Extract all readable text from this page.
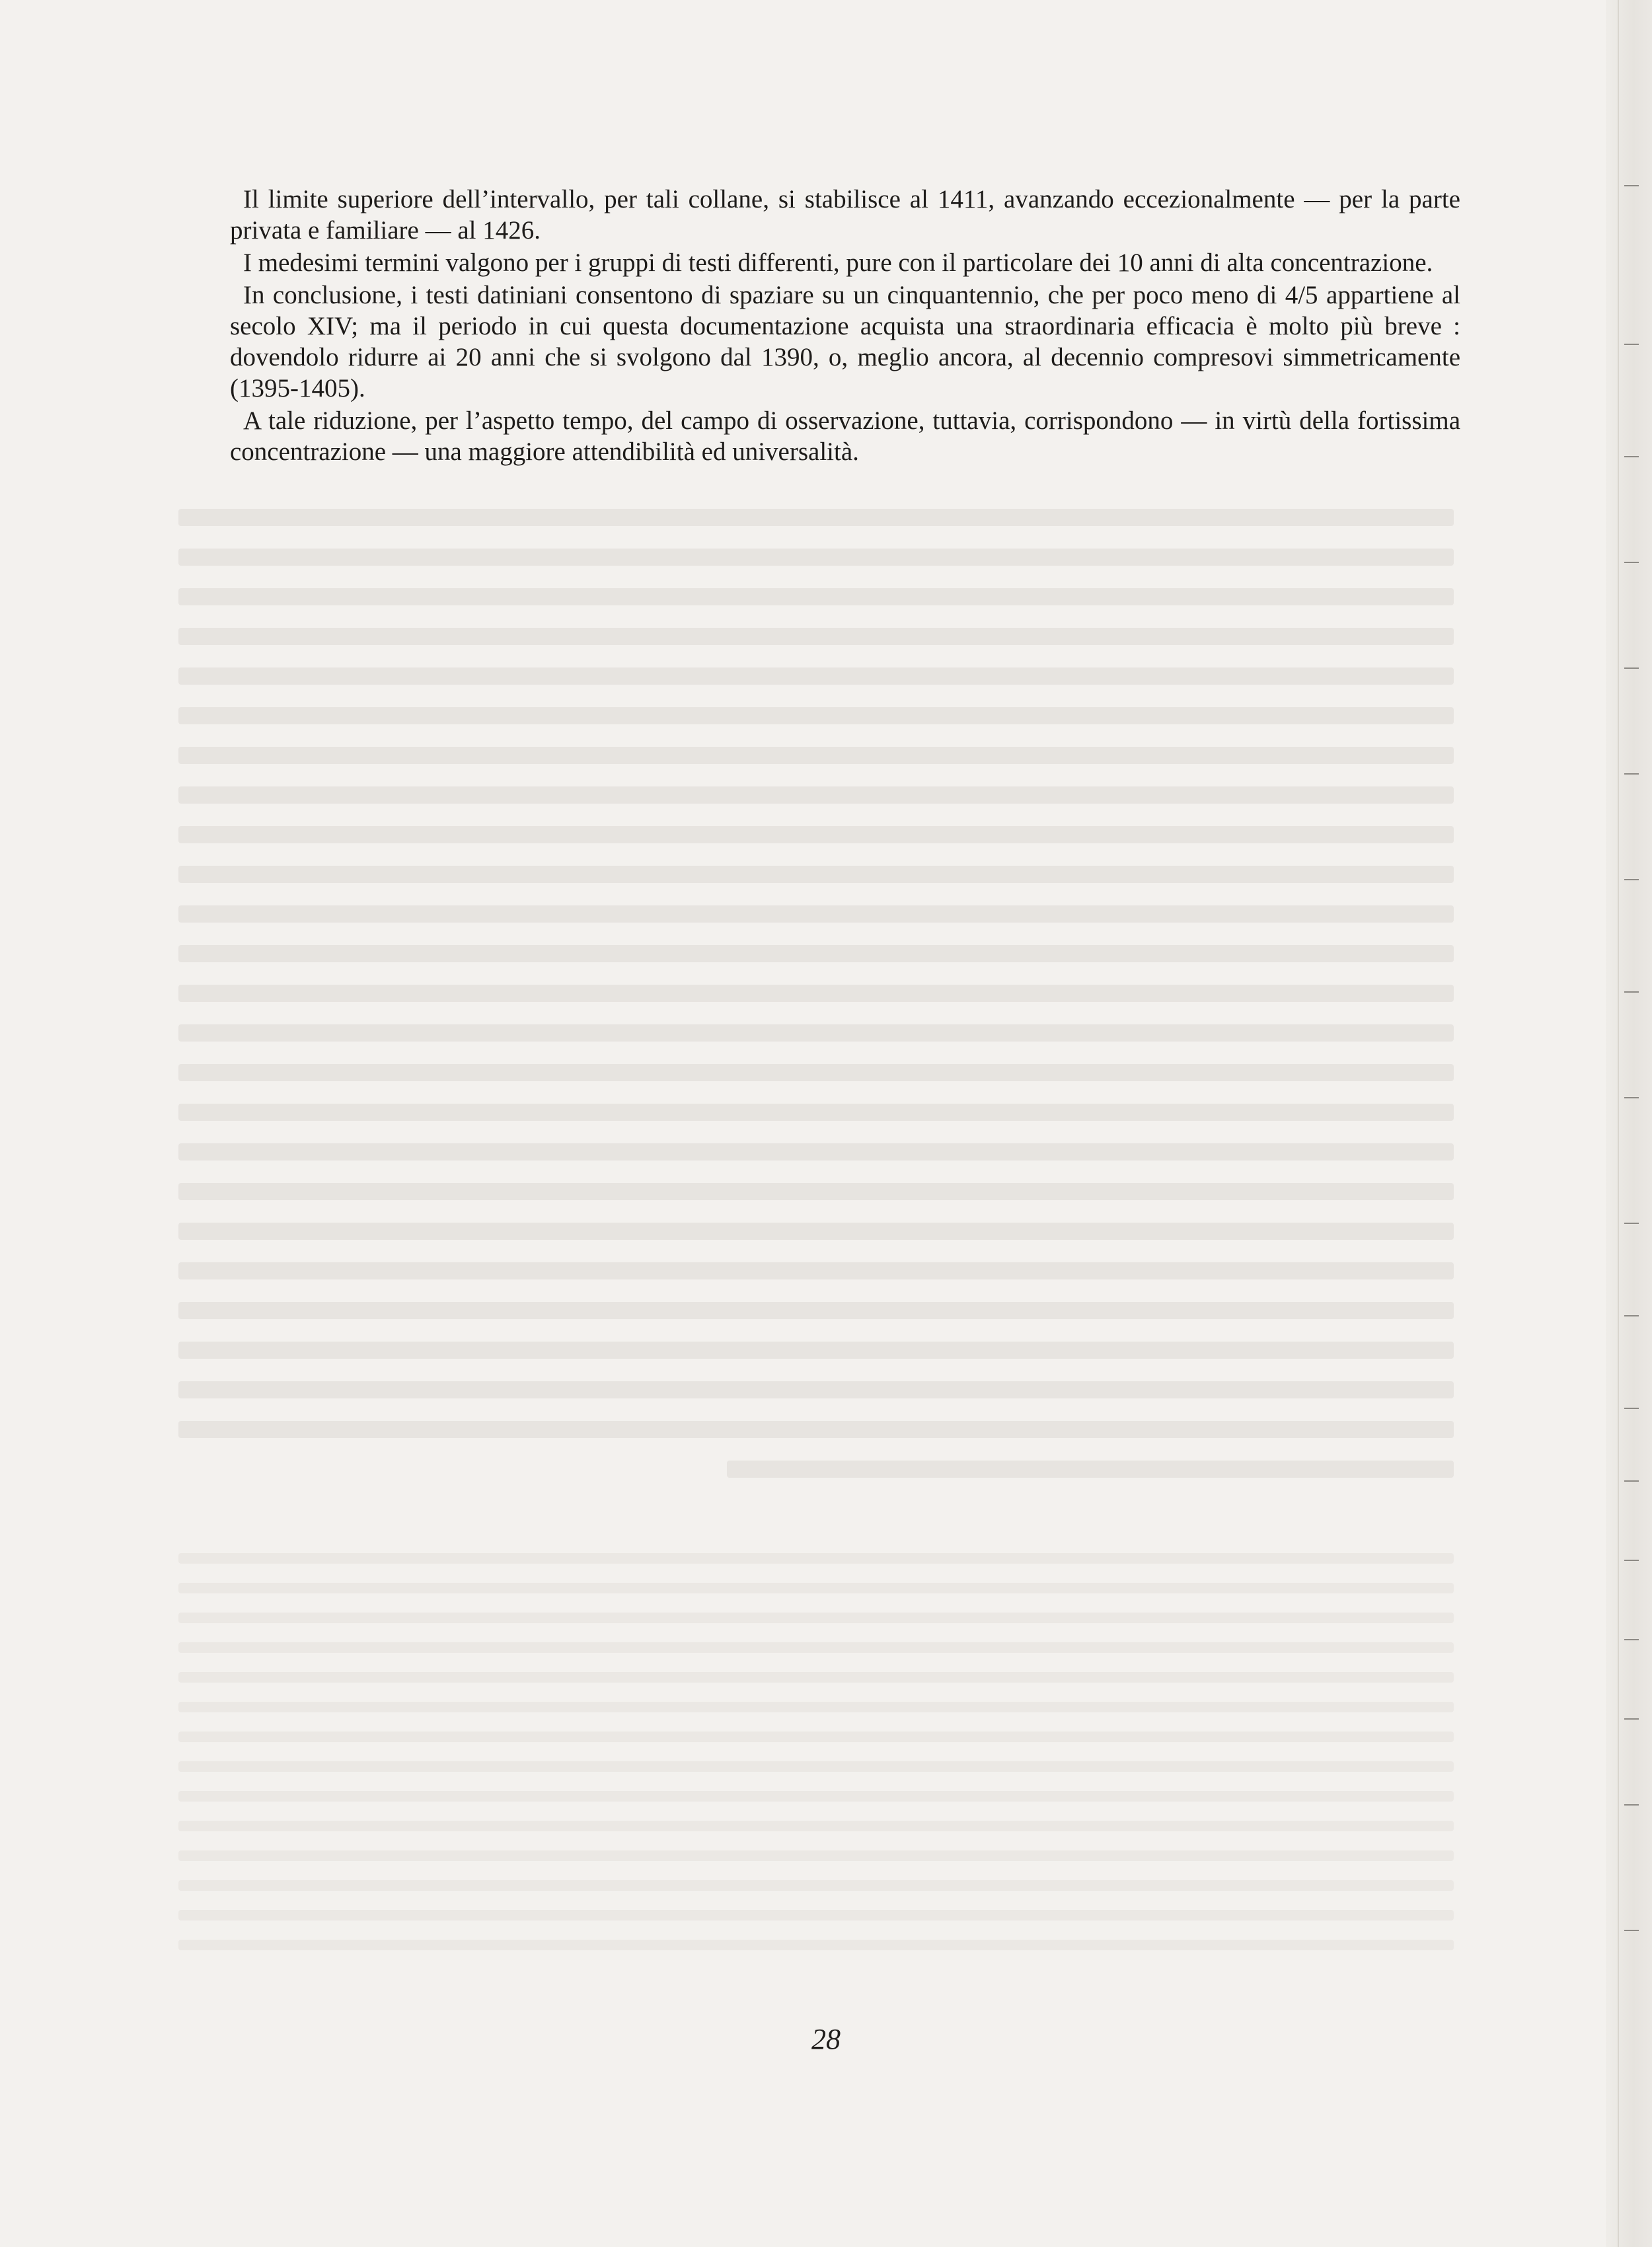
Il limite superiore dell’intervallo, per tali collane, si stabilisce al 1411, avanzando eccezionalmente — per la parte privata e familiare — al 1426.

I medesimi termini valgono per i gruppi di testi differenti, pure con il particolare dei 10 anni di alta concentrazione.

In conclusione, i testi datiniani consentono di spaziare su un cinquantennio, che per poco meno di 4/5 appartiene al secolo XIV; ma il periodo in cui questa documentazione acquista una straordinaria efficacia è molto più breve : dovendolo ridurre ai 20 anni che si svolgono dal 1390, o, meglio ancora, al decennio compresovi simmetricamente (1395-1405).

A tale riduzione, per l’aspetto tempo, del campo di osservazione, tuttavia, corrispondono — in virtù della fortissima concentrazione — una maggiore attendibilità ed universalità.

28
